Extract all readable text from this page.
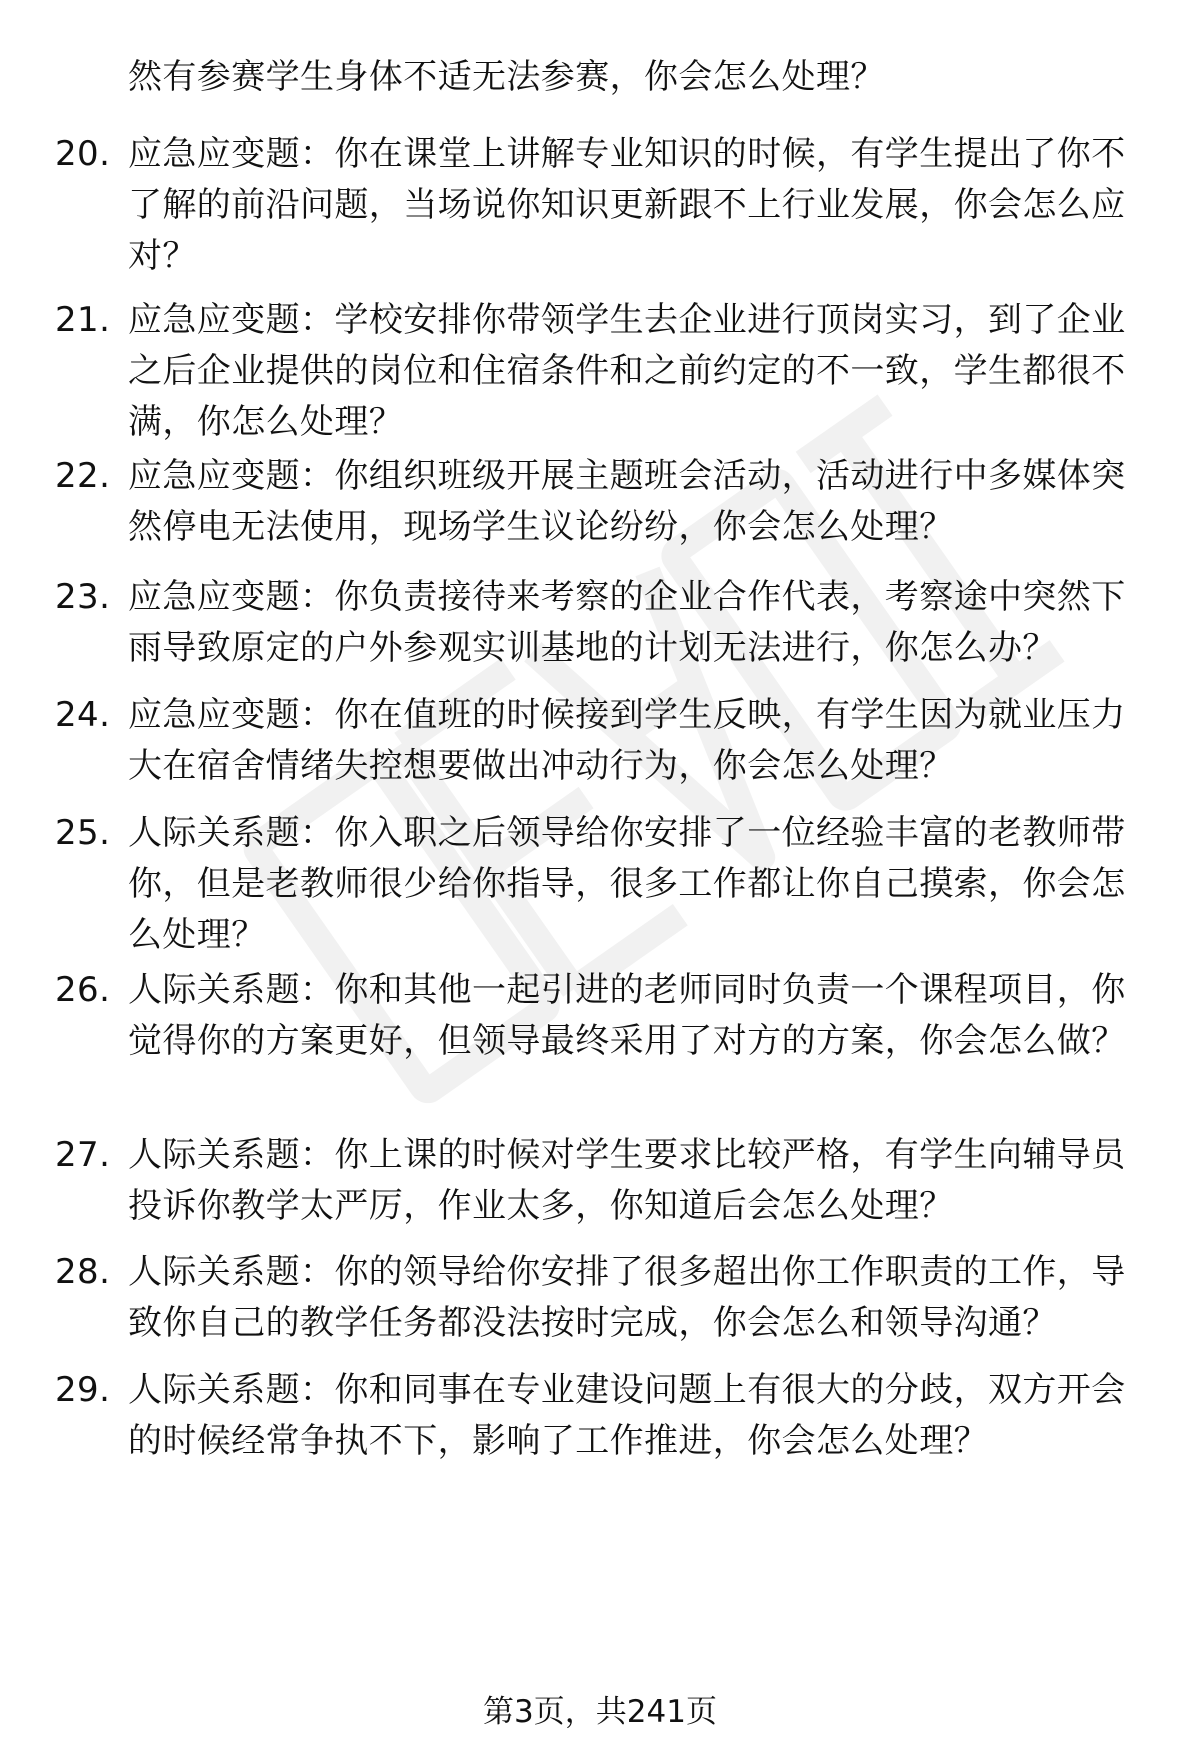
然有参赛学生身体不适无法参赛，你会怎么处理？
20. 应急应变题：你在课堂上讲解专业知识的时候，有学生提出了你不了解的前沿问题，当场说你知识更新跟不上行业发展，你会怎么应对？
21. 应急应变题：学校安排你带领学生去企业进行顶岗实习，到了企业之后企业提供的岗位和住宿条件和之前约定的不一致，学生都很不满，你怎么处理？
22. 应急应变题：你组织班级开展主题班会活动，活动进行中多媒体突然停电无法使用，现场学生议论纷纷，你会怎么处理？
23. 应急应变题：你负责接待来考察的企业合作代表，考察途中突然下雨导致原定的户外参观实训基地的计划无法进行，你怎么办？
24. 应急应变题：你在值班的时候接到学生反映，有学生因为就业压力大在宿舍情绪失控想要做出冲动行为，你会怎么处理？
25. 人际关系题：你入职之后领导给你安排了一位经验丰富的老教师带你，但是老教师很少给你指导，很多工作都让你自己摸索，你会怎么处理？
26. 人际关系题：你和其他一起引进的老师同时负责一个课程项目，你觉得你的方案更好，但领导最终采用了对方的方案，你会怎么做？
27. 人际关系题：你上课的时候对学生要求比较严格，有学生向辅导员投诉你教学太严厉，作业太多，你知道后会怎么处理？
28. 人际关系题：你的领导给你安排了很多超出你工作职责的工作，导致你自己的教学任务都没法按时完成，你会怎么和领导沟通？
29. 人际关系题：你和同事在专业建设问题上有很大的分歧，双方开会的时候经常争执不下，影响了工作推进，你会怎么处理？
第3页，共241页
